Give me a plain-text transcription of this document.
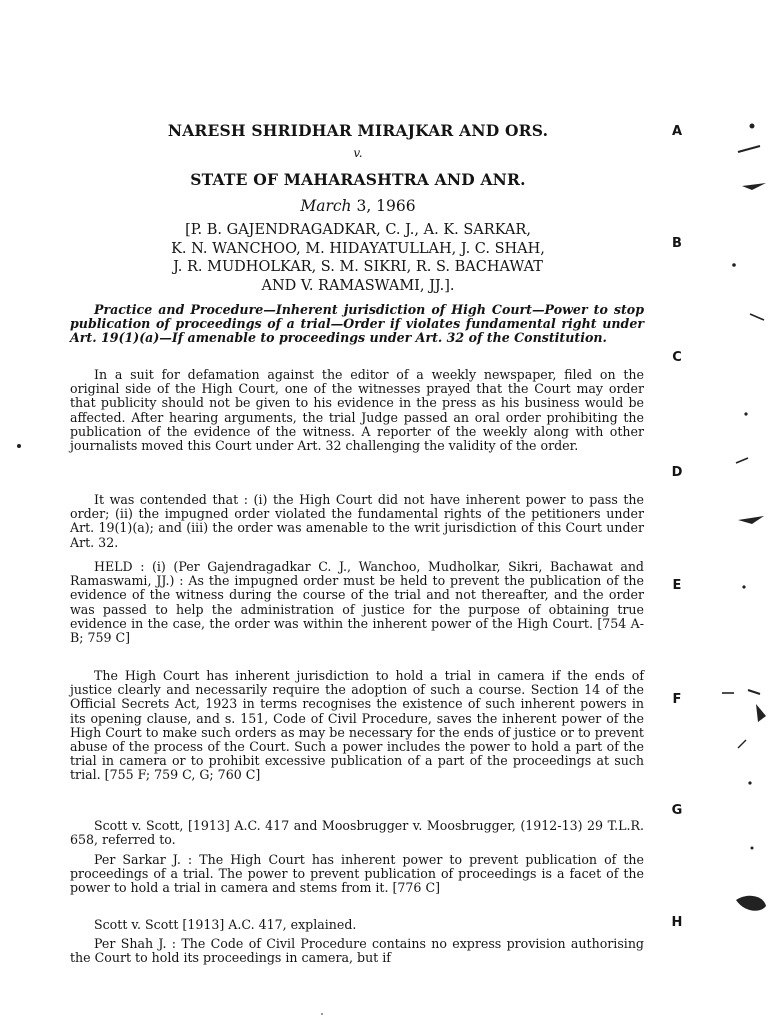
NARESH SHRIDHAR MIRAJKAR AND ORS.
v.
STATE OF MAHARASHTRA AND ANR.
March 3, 1966
[P. B. GAJENDRAGADKAR, C. J., A. K. SARKAR,
K. N. WANCHOO, M. HIDAYATULLAH, J. C. SHAH,
J. R. MUDHOLKAR, S. M. SIKRI, R. S. BACHAWAT
AND V. RAMASWAMI, JJ.].

Practice and Procedure—Inherent jurisdiction of High Court—Power to stop publication of proceedings of a trial—Order if violates fundamental right under Art. 19(1)(a)—If amenable to proceedings under Art. 32 of the Constitution.

In a suit for defamation against the editor of a weekly newspaper, filed on the original side of the High Court, one of the witnesses prayed that the Court may order that publicity should not be given to his evidence in the press as his business would be affected. After hearing arguments, the trial Judge passed an oral order prohibiting the publication of the evidence of the witness. A reporter of the weekly along with other journalists moved this Court under Art. 32 challenging the validity of the order.

It was contended that : (i) the High Court did not have inherent power to pass the order; (ii) the impugned order violated the fundamental rights of the petitioners under Art. 19(1)(a); and (iii) the order was amenable to the writ jurisdiction of this Court under Art. 32.

HELD : (i) (Per Gajendragadkar C. J., Wanchoo, Mudholkar, Sikri, Bachawat and Ramaswami, JJ.) : As the impugned order must be held to prevent the publication of the evidence of the witness during the course of the trial and not thereafter, and the order was passed to help the administration of justice for the purpose of obtaining true evidence in the case, the order was within the inherent power of the High Court. [754 A-B; 759 C]

The High Court has inherent jurisdiction to hold a trial in camera if the ends of justice clearly and necessarily require the adoption of such a course. Section 14 of the Official Secrets Act, 1923 in terms recognises the existence of such inherent powers in its opening clause, and s. 151, Code of Civil Procedure, saves the inherent power of the High Court to make such orders as may be necessary for the ends of justice or to prevent abuse of the process of the Court. Such a power includes the power to hold a part of the trial in camera or to prohibit excessive publication of a part of the proceedings at such trial. [755 F; 759 C, G; 760 C]

Scott v. Scott, [1913] A.C. 417 and Moosbrugger v. Moosbrugger, (1912-13) 29 T.L.R. 658, referred to.

Per Sarkar J. : The High Court has inherent power to prevent publication of the proceedings of a trial. The power to prevent publication of proceedings is a facet of the power to hold a trial in camera and stems from it. [776 C]

Scott v. Scott [1913] A.C. 417, explained.

Per Shah J. : The Code of Civil Procedure contains no express provision authorising the Court to hold its proceedings in camera, but if

A
B
C
D
E
F
G
H
